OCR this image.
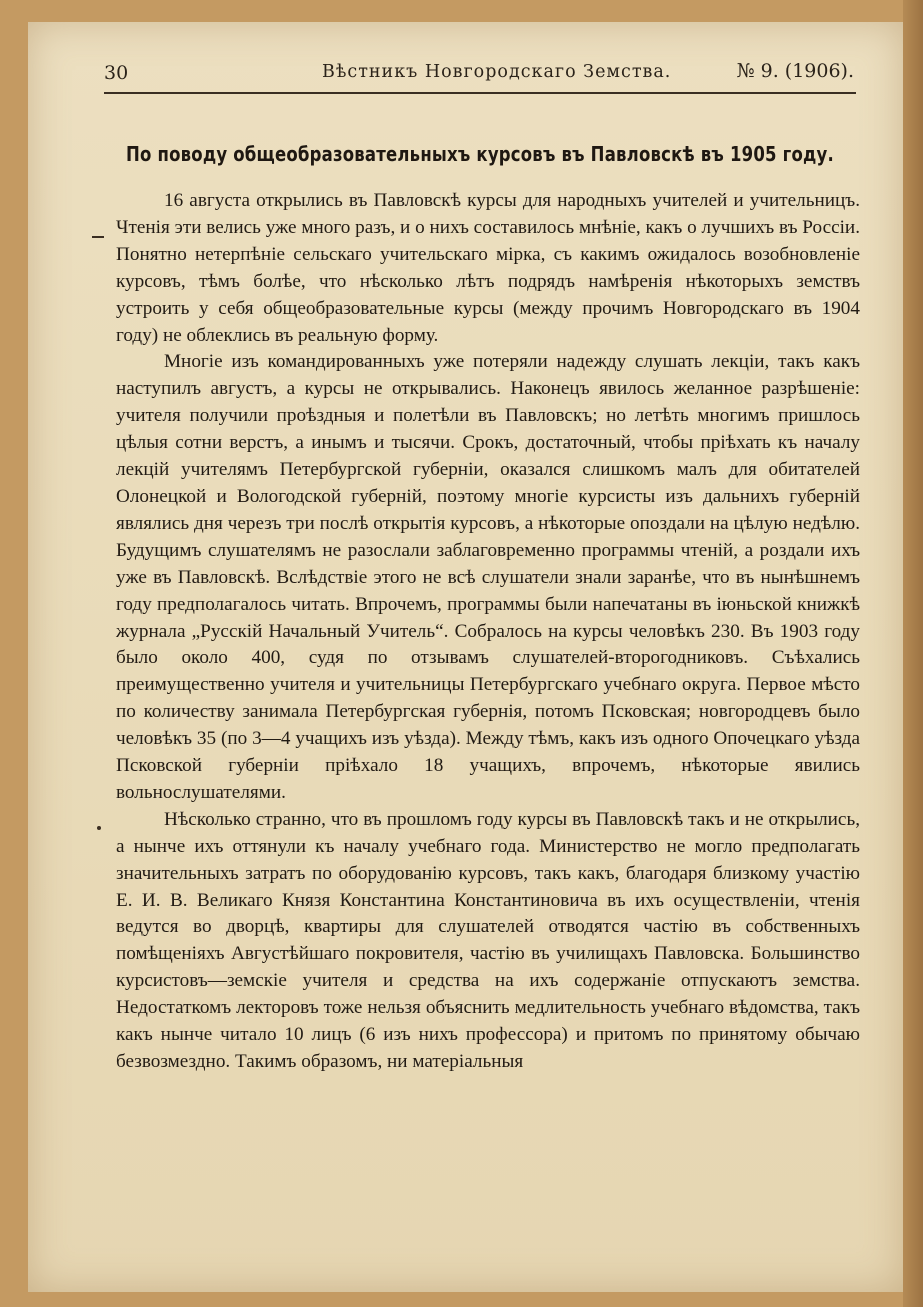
30	Вѣстникъ Новгородскаго Земства.	№ 9. (1906).
По поводу общеобразовательныхъ курсовъ въ Павловскѣ въ 1905 году.

16 августа открылись въ Павловскѣ курсы для народныхъ учителей и учительницъ. Чтенія эти велись уже много разъ, и о нихъ составилось мнѣніе, какъ о лучшихъ въ Россіи. Понятно нетерпѣніе сельскаго учительскаго мірка, съ какимъ ожидалось возобновленіе курсовъ, тѣмъ болѣе, что нѣсколько лѣтъ подрядъ намѣренія нѣкоторыхъ земствъ устроить у себя общеобразовательные курсы (между прочимъ Новгородскаго въ 1904 году) не облеклись въ реальную форму.

Многіе изъ командированныхъ уже потеряли надежду слушать лекціи, такъ какъ наступилъ августъ, а курсы не открывались. Наконецъ явилось желанное разрѣшеніе: учителя получили проѣздныя и полетѣли въ Павловскъ; но летѣть многимъ пришлось цѣлыя сотни верстъ, а инымъ и тысячи. Срокъ, достаточный, чтобы пріѣхать къ началу лекцій учителямъ Петербургской губерніи, оказался слишкомъ малъ для обитателей Олонецкой и Вологодской губерній, поэтому многіе курсисты изъ дальнихъ губерній являлись дня черезъ три послѣ открытія курсовъ, а нѣкоторые опоздали на цѣлую недѣлю. Будущимъ слушателямъ не разослали заблаговременно программы чтеній, а роздали ихъ уже въ Павловскѣ. Вслѣдствіе этого не всѣ слушатели знали заранѣе, что въ нынѣшнемъ году предполагалось читать. Впрочемъ, программы были напечатаны въ іюньской книжкѣ журнала „Русскій Начальный Учитель“. Собралось на курсы человѣкъ 230. Въ 1903 году было около 400, судя по отзывамъ слушателей-второгодниковъ. Съѣхались преимущественно учителя и учительницы Петербургскаго учебнаго округа. Первое мѣсто по количеству занимала Петербургская губернія, потомъ Псковская; новгородцевъ было человѣкъ 35 (по 3—4 учащихъ изъ уѣзда). Между тѣмъ, какъ изъ одного Опочецкаго уѣзда Псковской губерніи пріѣхало 18 учащихъ, впрочемъ, нѣкоторые явились вольнослушателями.

Нѣсколько странно, что въ прошломъ году курсы въ Павловскѣ такъ и не открылись, а нынче ихъ оттянули къ началу учебнаго года. Министерство не могло предполагать значительныхъ затратъ по оборудованію курсовъ, такъ какъ, благодаря близкому участію Е. И. В. Великаго Князя Константина Константиновича въ ихъ осуществленіи, чтенія ведутся во дворцѣ, квартиры для слушателей отводятся частію въ собственныхъ помѣщеніяхъ Августѣйшаго покровителя, частію въ училищахъ Павловска. Большинство курсистовъ—земскіе учителя и средства на ихъ содержаніе отпускаютъ земства. Недостаткомъ лекторовъ тоже нельзя объяснить медлительность учебнаго вѣдомства, такъ какъ нынче читало 10 лицъ (6 изъ нихъ профессора) и притомъ по принятому обычаю безвозмездно. Такимъ образомъ, ни матеріальныя
